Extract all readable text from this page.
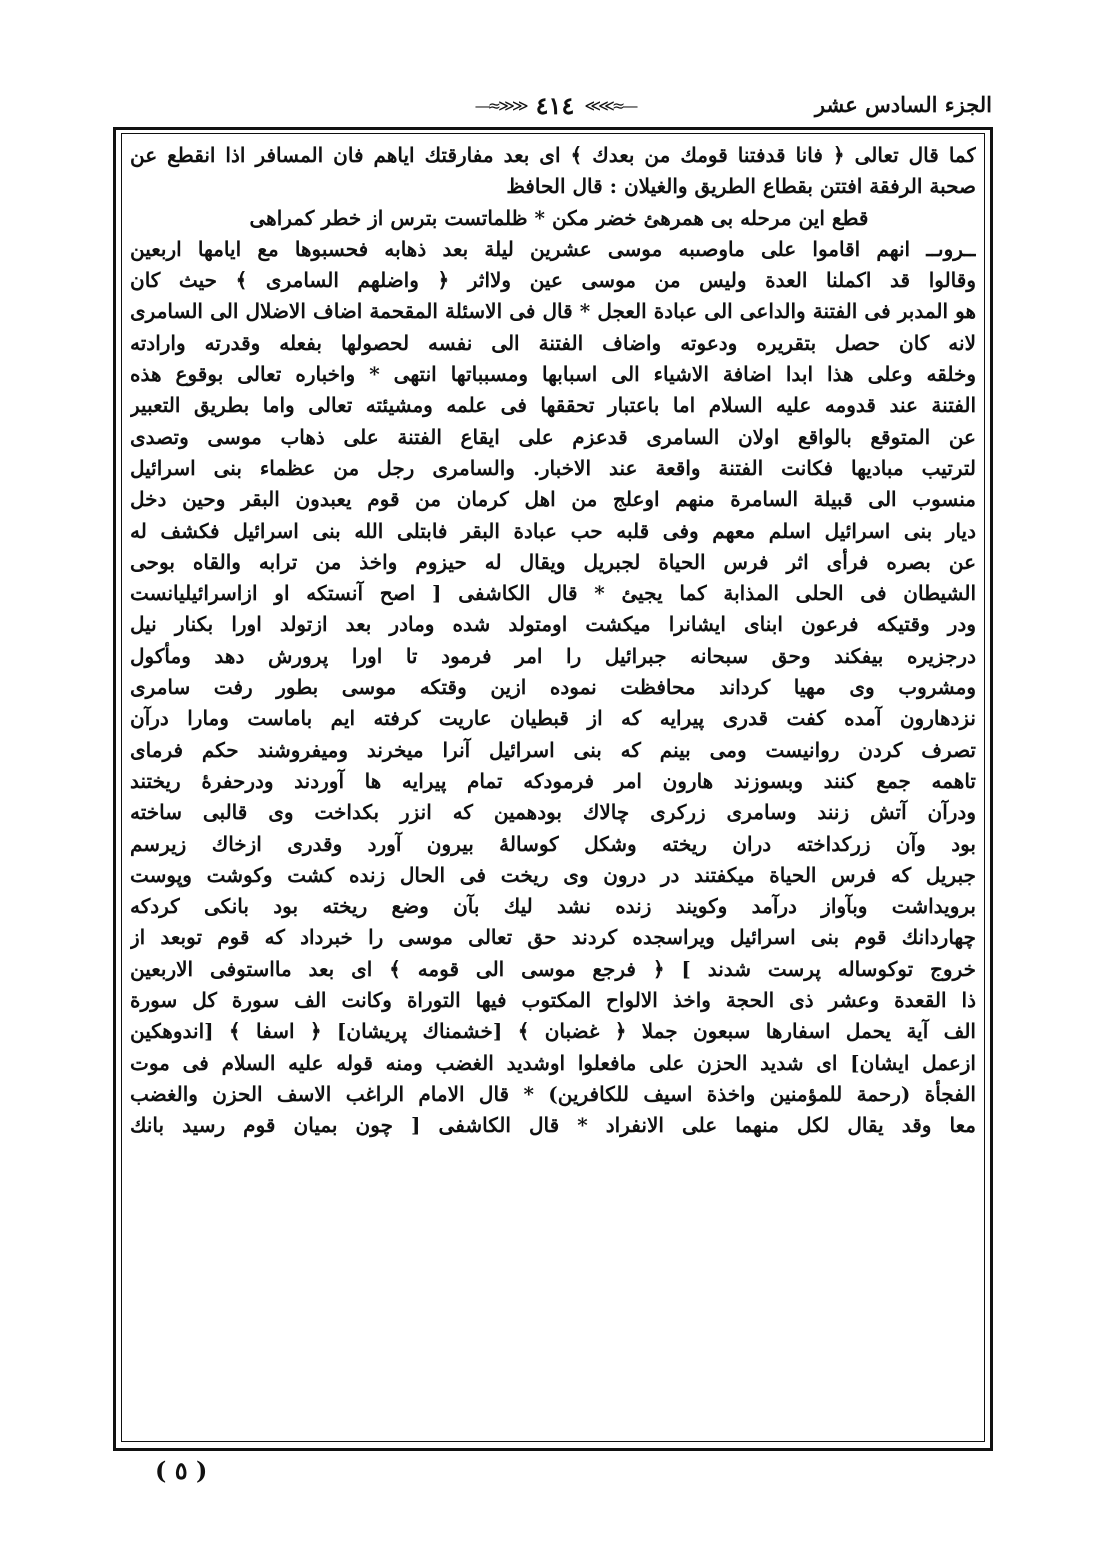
الجزء السادس عشر
—≈≫≫ ٤١٤ ≪≪≈—
كما قال تعالى ﴿ فانا قدفتنا قومك من بعدك ﴾ اى بعد مفارقتك اياهم فان المسافر اذا انقطع عن
صحبة الرفقة افتتن بقطاع الطريق والغيلان : قال الحافظ
قطع اين مرحله بى همرهئ خضر مكن * ظلماتست بترس از خطر كمراهى
ــروىــ انهم اقاموا على ماوصىبه موسى عشرين ليلة بعد ذهابه فحسبوها مع ايامها اربعين
وقالوا قد اكملنا العدة وليس من موسى عين ولااثر ﴿ واضلهم السامرى ﴾ حيث كان
هو المدبر فى الفتنة والداعى الى عبادة العجل * قال فى الاسئلة المقحمة اضاف الاضلال الى السامرى
لانه كان حصل بتقريره ودعوته واضاف الفتنة الى نفسه لحصولها بفعله وقدرته وارادته
وخلقه وعلى هذا ابدا اضافة الاشياء الى اسبابها ومسبباتها انتهى * واخباره تعالى بوقوع هذه
الفتنة عند قدومه عليه السلام اما باعتبار تحققها فى علمه ومشيئته تعالى واما بطريق التعبير
عن المتوقع بالواقع اولان السامرى قدعزم على ايقاع الفتنة على ذهاب موسى وتصدى
لترتيب مباديها فكانت الفتنة واقعة عند الاخبار. والسامرى رجل من عظماء بنى اسرائيل
منسوب الى قبيلة السامرة منهم اوعلج من اهل كرمان من قوم يعبدون البقر وحين دخل
ديار بنى اسرائيل اسلم معهم وفى قلبه حب عبادة البقر فابتلى الله بنى اسرائيل فكشف له
عن بصره فرأى اثر فرس الحياة لجبريل ويقال له حيزوم واخذ من ترابه والقاه بوحى
الشيطان فى الحلى المذابة كما يجيئ * قال الكاشفى [ اصح آنستكه او ازاسرائيليانست
ودر وقتيكه فرعون ابناى ايشانرا ميكشت اومتولد شده ومادر بعد ازتولد اورا بكنار نيل
درجزيره بيفكند وحق سبحانه جبرائيل را امر فرمود تا اورا پرورش دهد ومأكول
ومشروب وى مهيا كرداند محافظت نموده ازين وقتكه موسى بطور رفت سامرى
نزدهارون آمده كفت قدرى پيرايه كه از قبطيان عاريت كرفته ايم باماست ومارا درآن
تصرف كردن روانيست ومى بينم كه بنى اسرائيل آنرا ميخرند وميفروشند حكم فرماى
تاهمه جمع كنند وبسوزند هارون امر فرمودكه تمام پيرايه ها آوردند ودرحفرۀ ريختند
ودرآن آتش زنند وسامرى زركرى چالاك بودهمين كه انزر بكداخت وى قالبى ساخته
بود وآن زركداخته دران ريخته وشكل كوسالهٔ بيرون آورد وقدرى ازخاك زيرسم
جبريل كه فرس الحياة ميكفتند در درون وى ريخت فى الحال زنده كشت وكوشت وپوست
برويداشت وبآواز درآمد وكويند زنده نشد ليك بآن وضع ريخته بود بانكى كردكه
چهاردانك قوم بنى اسرائيل ويراسجده كردند حق تعالى موسى را خبرداد كه قوم توبعد از
خروج توكوساله پرست شدند ] ﴿ فرجع موسى الى قومه ﴾ اى بعد مااستوفى الاربعين
ذا القعدة وعشر ذى الحجة واخذ الالواح المكتوب فيها التوراة وكانت الف سورة كل سورة
الف آية يحمل اسفارها سبعون جملا ﴿ غضبان ﴾ [خشمناك پريشان] ﴿ اسفا ﴾ [اندوهكين
ازعمل ايشان] اى شديد الحزن على مافعلوا اوشديد الغضب ومنه قوله عليه السلام فى موت
الفجأة (رحمة للمؤمنين واخذة اسيف للكافرين) * قال الامام الراغب الاسف الحزن والغضب
معا وقد يقال لكل منهما على الانفراد * قال الكاشفى [ چون بميان قوم رسيد بانك
( ٥ )
